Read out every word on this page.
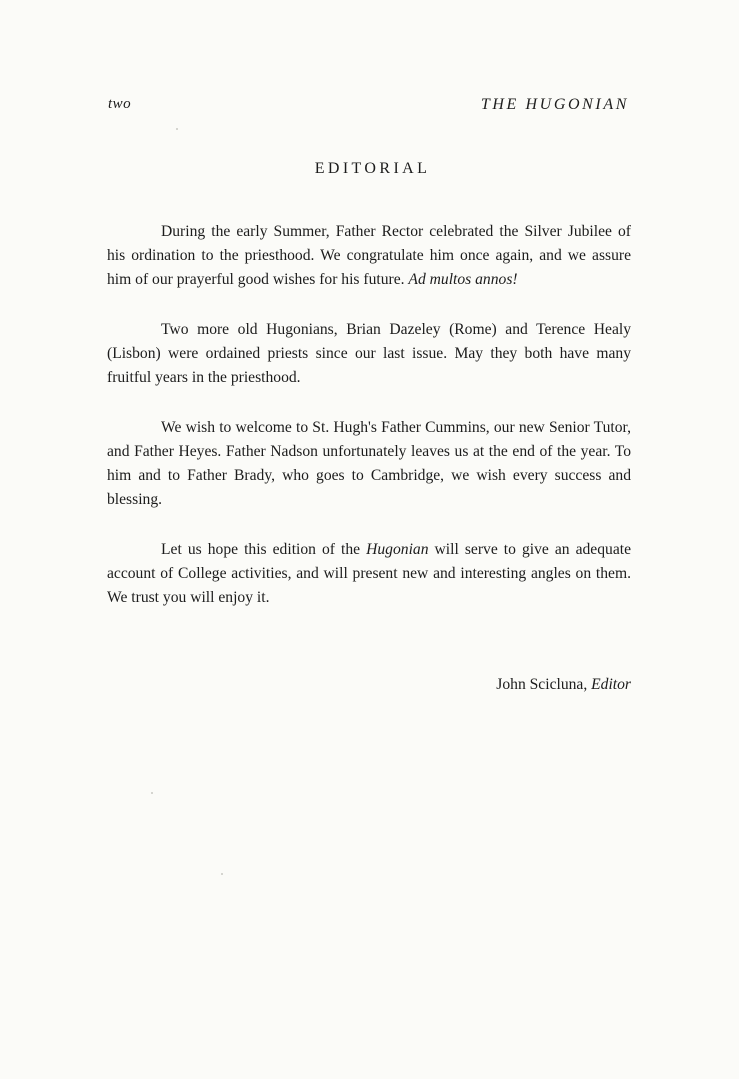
two	THE HUGONIAN
EDITORIAL

During the early Summer, Father Rector celebrated the Silver Jubilee of his ordination to the priesthood. We congratulate him once again, and we assure him of our prayerful good wishes for his future. Ad multos annos!

Two more old Hugonians, Brian Dazeley (Rome) and Terence Healy (Lisbon) were ordained priests since our last issue. May they both have many fruitful years in the priesthood.

We wish to welcome to St. Hugh's Father Cummins, our new Senior Tutor, and Father Heyes. Father Nadson unfortunately leaves us at the end of the year. To him and to Father Brady, who goes to Cambridge, we wish every success and blessing.

Let us hope this edition of the Hugonian will serve to give an adequate account of College activities, and will present new and interesting angles on them. We trust you will enjoy it.

John Scicluna, Editor
